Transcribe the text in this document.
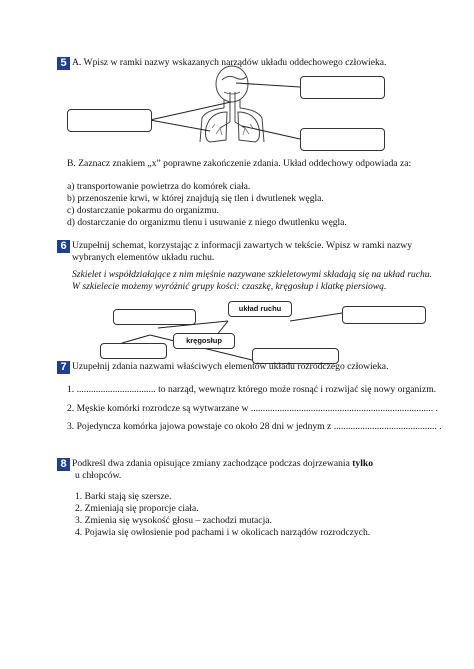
5 A. Wpisz w ramki nazwy wskazanych narządów układu oddechowego człowieka.
B. Zaznacz znakiem „x” poprawne zakończenie zdania. Układ oddechowy odpowiada za:
a) transportowanie powietrza do komórek ciała.
b) przenoszenie krwi, w której znajdują się tlen i dwutlenek węgla.
c) dostarczanie pokarmu do organizmu.
d) dostarczanie do organizmu tlenu i usuwanie z niego dwutlenku węgla.
6 Uzupełnij schemat, korzystając z informacji zawartych w tekście. Wpisz w ramki nazwy
wybranych elementów układu ruchu.
Szkielet i współdziałające z nim mięśnie nazywane szkieletowymi składają się na układ ruchu.
W szkielecie możemy wyróżnić grupy kości: czaszkę, kręgosłup i klatkę piersiową.
układ ruchu
kręgosłup
7 Uzupełnij zdania nazwami właściwych elementów układu rozrodczego człowieka.
1. ................................. to narząd, wewnątrz którego może rosnąć i rozwijać się nowy organizm.
2. Męskie komórki rozrodcze są wytwarzane w ............................................................................ .
3. Pojedyncza komórka jajowa powstaje co około 28 dni w jednym z ........................................... .
8 Podkreśl dwa zdania opisujące zmiany zachodzące podczas dojrzewania tylko
u chłopców.
1. Barki stają się szersze.
2. Zmieniają się proporcje ciała.
3. Zmienia się wysokość głosu – zachodzi mutacja.
4. Pojawia się owłosienie pod pachami i w okolicach narządów rozrodczych.
